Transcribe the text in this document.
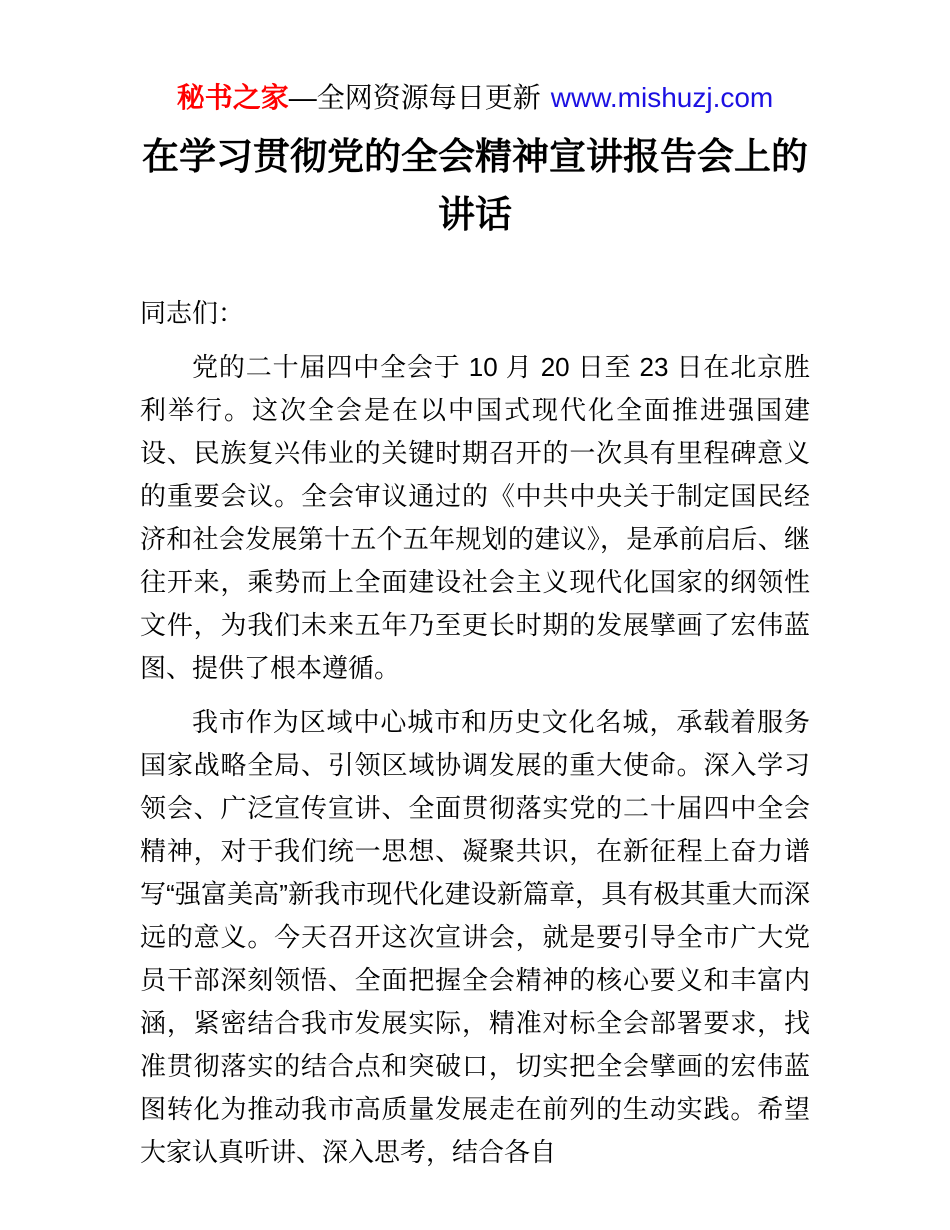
秘书之家—全网资源每日更新 www.mishuzj.com
在学习贯彻党的全会精神宣讲报告会上的讲话

同志们：

党的二十届四中全会于 10 月 20 日至 23 日在北京胜利举行。这次全会是在以中国式现代化全面推进强国建设、民族复兴伟业的关键时期召开的一次具有里程碑意义的重要会议。全会审议通过的《中共中央关于制定国民经济和社会发展第十五个五年规划的建议》，是承前启后、继往开来，乘势而上全面建设社会主义现代化国家的纲领性文件，为我们未来五年乃至更长时期的发展擘画了宏伟蓝图、提供了根本遵循。

我市作为区域中心城市和历史文化名城，承载着服务国家战略全局、引领区域协调发展的重大使命。深入学习领会、广泛宣传宣讲、全面贯彻落实党的二十届四中全会精神，对于我们统一思想、凝聚共识，在新征程上奋力谱写“强富美高”新我市现代化建设新篇章，具有极其重大而深远的意义。今天召开这次宣讲会，就是要引导全市广大党员干部深刻领悟、全面把握全会精神的核心要义和丰富内涵，紧密结合我市发展实际，精准对标全会部署要求，找准贯彻落实的结合点和突破口，切实把全会擘画的宏伟蓝图转化为推动我市高质量发展走在前列的生动实践。希望大家认真听讲、深入思考，结合各自
